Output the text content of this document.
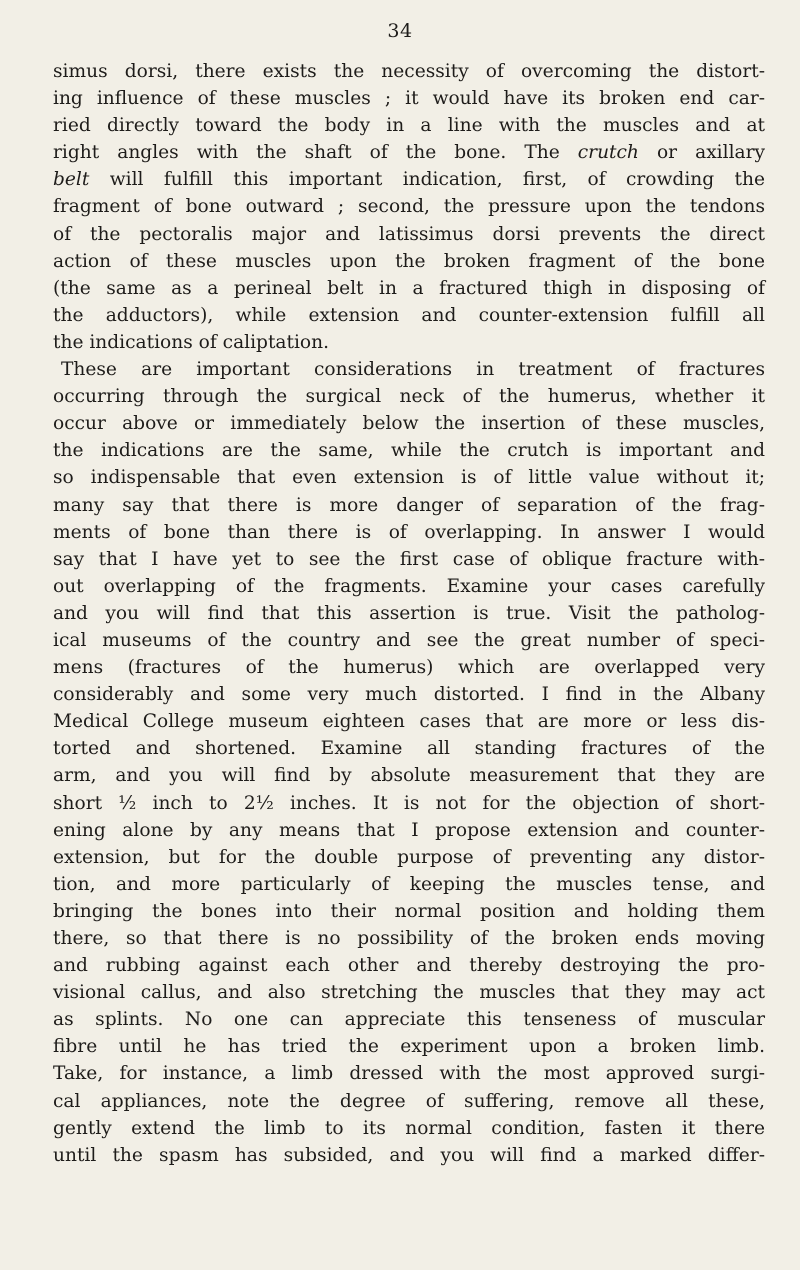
34
simus dorsi, there exists the necessity of overcoming the distort-
ing influence of these muscles ; it would have its broken end car-
ried directly toward the body in a line with the muscles and at
right angles with the shaft of the bone. The crutch or axillary
belt will fulfill this important indication, first, of crowding the
fragment of bone outward ; second, the pressure upon the tendons
of the pectoralis major and latissimus dorsi prevents the direct
action of these muscles upon the broken fragment of the bone
(the same as a perineal belt in a fractured thigh in disposing of
the adductors), while extension and counter-extension fulfill all
the indications of caliptation.
These are important considerations in treatment of fractures
occurring through the surgical neck of the humerus, whether it
occur above or immediately below the insertion of these muscles,
the indications are the same, while the crutch is important and
so indispensable that even extension is of little value without it;
many say that there is more danger of separation of the frag-
ments of bone than there is of overlapping. In answer I would
say that I have yet to see the first case of oblique fracture with-
out overlapping of the fragments. Examine your cases carefully
and you will find that this assertion is true. Visit the patholog-
ical museums of the country and see the great number of speci-
mens (fractures of the humerus) which are overlapped very
considerably and some very much distorted. I find in the Albany
Medical College museum eighteen cases that are more or less dis-
torted and shortened. Examine all standing fractures of the
arm, and you will find by absolute measurement that they are
short ½ inch to 2½ inches. It is not for the objection of short-
ening alone by any means that I propose extension and counter-
extension, but for the double purpose of preventing any distor-
tion, and more particularly of keeping the muscles tense, and
bringing the bones into their normal position and holding them
there, so that there is no possibility of the broken ends moving
and rubbing against each other and thereby destroying the pro-
visional callus, and also stretching the muscles that they may act
as splints. No one can appreciate this tenseness of muscular
fibre until he has tried the experiment upon a broken limb.
Take, for instance, a limb dressed with the most approved surgi-
cal appliances, note the degree of suffering, remove all these,
gently extend the limb to its normal condition, fasten it there
until the spasm has subsided, and you will find a marked differ-
